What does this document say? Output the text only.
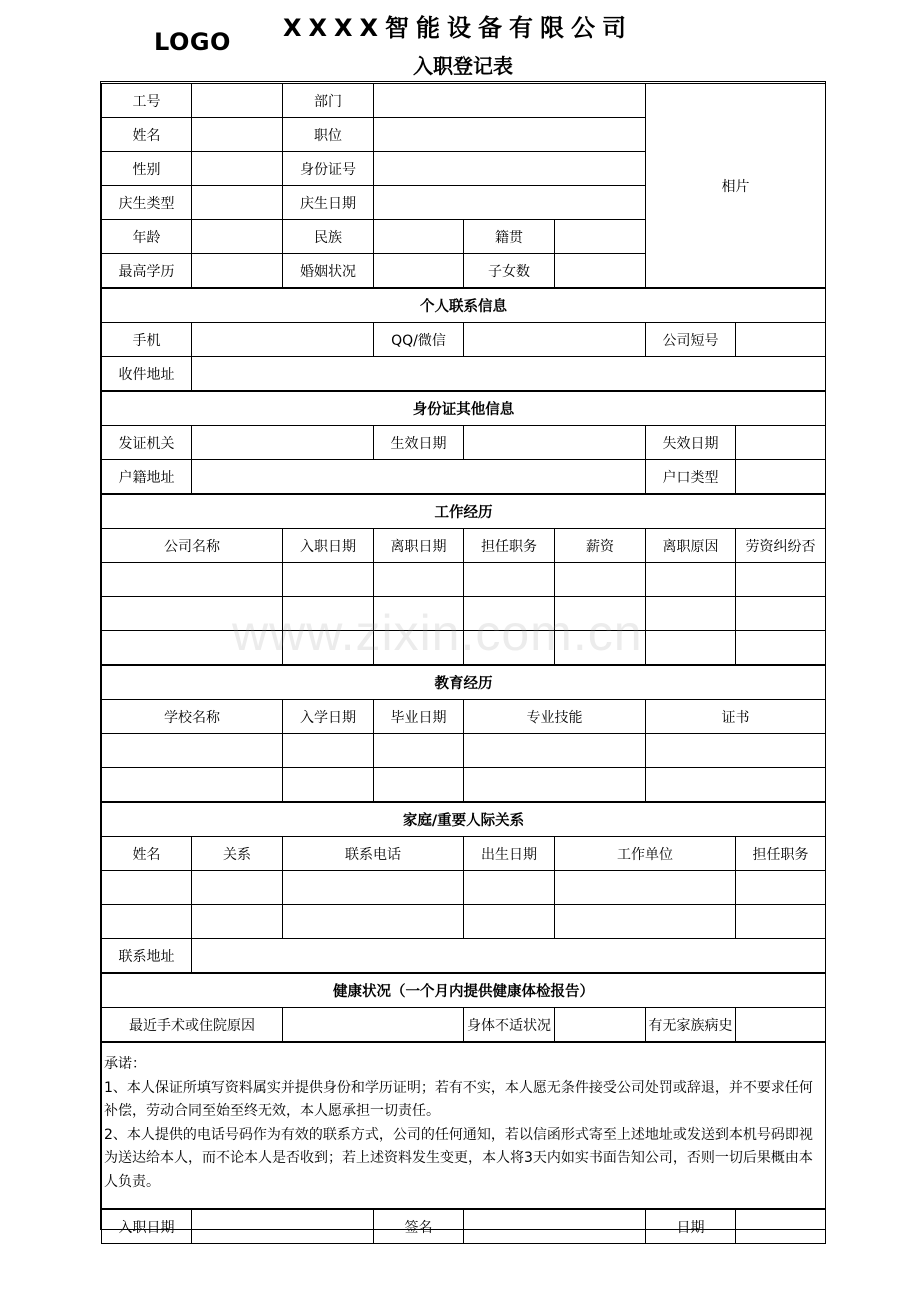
LOGO XXXX智能设备有限公司
入职登记表
工号		部门				相片	
姓名		职位					
性别		身份证号					
庆生类型		庆生日期					
年龄		民族		籍贯			
最高学历		婚姻状况		子女数			
个人联系信息							
手机			QQ/微信			公司短号	
收件地址							
身份证其他信息							
发证机关			生效日期			失效日期	
户籍地址						户口类型	
工作经历							
公司名称		入职日期	离职日期	担任职务	薪资	离职原因	劳资纠纷否

教育经历							
学校名称		入学日期	毕业日期	专业技能		证书	

家庭/重要人际关系							
姓名	关系	联系电话		出生日期	工作单位		担任职务

联系地址							
健康状况（一个月内提供健康体检报告）							
最近手术或住院原因				身体不适状况		有无家族病史	

承诺：

1、本人保证所填写资料属实并提供身份和学历证明；若有不实，本人愿无条件接受公司处罚或辞退，并不要求任何补偿，劳动合同至始至终无效，本人愿承担一切责任。

2、本人提供的电话号码作为有效的联系方式，公司的任何通知，若以信函形式寄至上述地址或发送到本机号码即视为送达给本人，而不论本人是否收到；若上述资料发生变更，本人将3天内如实书面告知公司，否则一切后果概由本人负责。							

入职日期			签名			日期	
www.zixin.com.cn
